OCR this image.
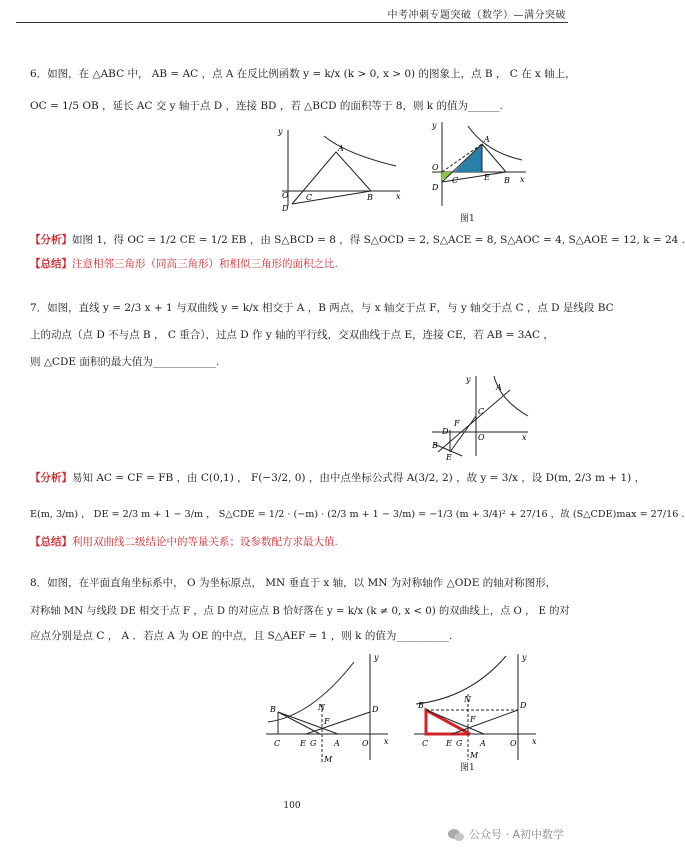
中考冲刺专题突破（数学）—满分突破
6．如图，在 △ABC 中， AB = AC ，点 A 在反比例函数 y = k/x (k > 0, x > 0) 的图象上，点 B ， C 在 x 轴上，
OC = 1/5 OB ，延长 AC 交 y 轴于点 D ，连接 BD ，若 △BCD 的面积等于 8，则 k 的值为______.
y
x
O
A
C	B
D
y
x
O
A
C	E B
D
图1
【分析】如图 1，得 OC = 1/2 CE = 1/2 EB ，由 S△BCD = 8 ，得 S△OCD = 2, S△ACE = 8, S△AOC = 4, S△AOE = 12, k = 24 .
【总结】注意相邻三角形（同高三角形）和相似三角形的面积之比.
7．如图，直线 y = 2/3 x + 1 与双曲线 y = k/x 相交于 A ，B 两点，与 x 轴交于点 F，与 y 轴交于点 C ，点 D 是线段 BC
上的动点（点 D 不与点 B ， C 重合），过点 D 作 y 轴的平行线，交双曲线于点 E，连接 CE，若 AB = 3AC ，
则 △CDE 面积的最大值为____________.
y
x
O
A
C
F
D
B
E
【分析】易知 AC = CF = FB ，由 C(0,1) ， F(−3/2, 0) ，由中点坐标公式得 A(3/2, 2) ，故 y = 3/x ，设 D(m, 2/3 m + 1) ，
E(m, 3/m) ， DE = 2/3 m + 1 − 3/m ， S△CDE = 1/2 · (−m) · (2/3 m + 1 − 3/m) = −1/3 (m + 3/4)² + 27/16 ，故 (S△CDE)max = 27/16 .
【总结】利用双曲线二级结论中的等量关系；设参数配方求最大值.
8．如图，在平面直角坐标系中， O 为坐标原点， MN 垂直于 x 轴，以 MN 为对称轴作 △ODE 的轴对称图形，
对称轴 MN 与线段 DE 相交于点 F ，点 D 的对应点 B 恰好落在 y = k/x (k ≠ 0, x < 0) 的双曲线上，点 O ， E 的对
应点分别是点 C ， A ．若点 A 为 OE 的中点，且 S△AEF = 1 ，则 k 的值为__________.
y
x
B
C E G A	O
D
N
F
M
y
x
B
C E G A	O
D
N
F
M
图1
100
公众号 · A初中数学
